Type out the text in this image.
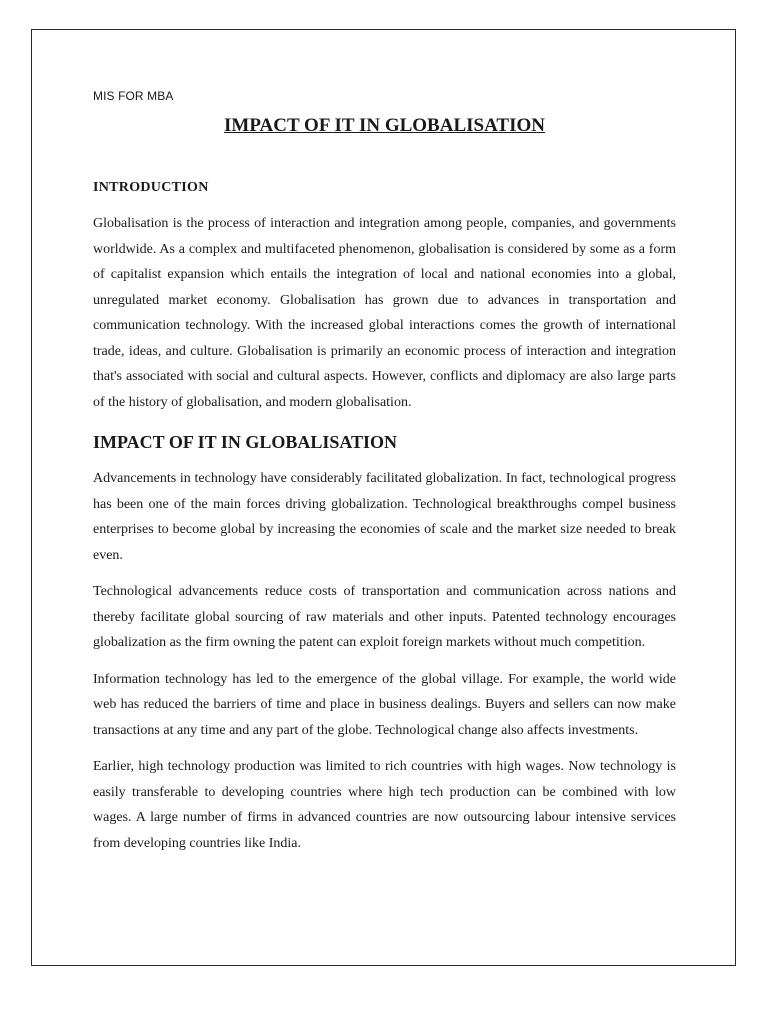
MIS FOR MBA

IMPACT OF IT IN GLOBALISATION
INTRODUCTION

Globalisation is the process of interaction and integration among people, companies, and governments worldwide. As a complex and multifaceted phenomenon, globalisation is considered by some as a form of capitalist expansion which entails the integration of local and national economies into a global, unregulated market economy. Globalisation has grown due to advances in transportation and communication technology. With the increased global interactions comes the growth of international trade, ideas, and culture. Globalisation is primarily an economic process of interaction and integration that's associated with social and cultural aspects. However, conflicts and diplomacy are also large parts of the history of globalisation, and modern globalisation.

IMPACT OF IT IN GLOBALISATION

Advancements in technology have considerably facilitated globalization. In fact, technological progress has been one of the main forces driving globalization. Technological breakthroughs compel business enterprises to become global by increasing the economies of scale and the market size needed to break even.

Technological advancements reduce costs of transportation and communication across nations and thereby facilitate global sourcing of raw materials and other inputs. Patented technology encourages globalization as the firm owning the patent can exploit foreign markets without much competition.

Information technology has led to the emergence of the global village. For example, the world wide web has reduced the barriers of time and place in business dealings. Buyers and sellers can now make transactions at any time and any part of the globe. Technological change also affects investments.

Earlier, high technology production was limited to rich countries with high wages. Now technology is easily transferable to developing countries where high tech production can be combined with low wages. A large number of firms in advanced countries are now outsourcing labour intensive services from developing countries like India.
